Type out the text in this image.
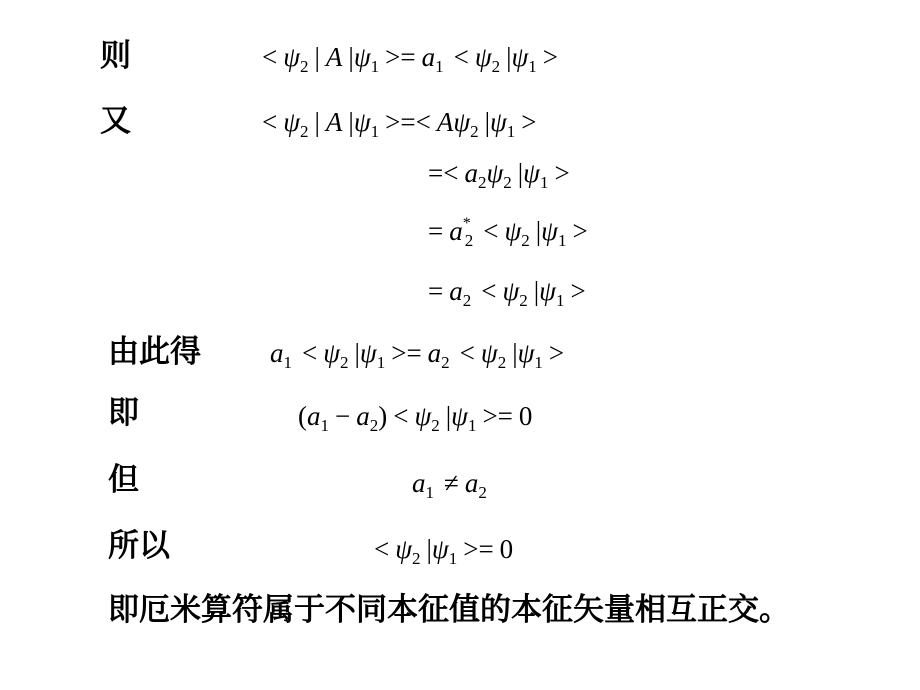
则	< $\psi_2$ | A $|\psi_1 >= a_1 < \psi_2$ $|\psi_1$ >
又	< $\psi_2$ | A $|\psi_1$ >=< $A\psi_2$ $|\psi_1$ >
=< $a_2\psi_2$ $|\psi_1$ >
= $a^*_2 < \psi_2$ $|\psi_1$ >
= $a_2 < \psi_2$ $|\psi_1$ >
由此得	$a_1 < \psi_2$ $|\psi_1 >= a_2 < \psi_2$ $|\psi_1$ >
即	$(a_1 - a_2) < \psi_2$ $|\psi_1 >= 0$
但	$a_1 \ne a_2$
所以	< $\psi_2$ $|\psi_1 >= 0$
即厄米算符属于不同本征值的本征矢量相互正交。
